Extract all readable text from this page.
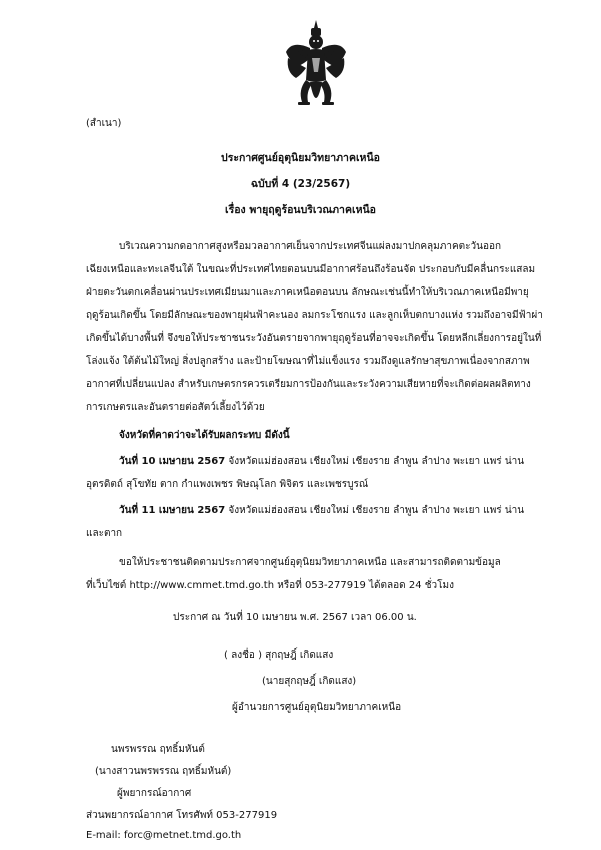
(สำเนา)
ประกาศศูนย์อุตุนิยมวิทยาภาคเหนือ
ฉบับที่ 4 (23/2567)
เรื่อง พายุฤดูร้อนบริเวณภาคเหนือ
บริเวณความกดอากาศสูงหรือมวลอากาศเย็นจากประเทศจีนแผ่ลงมาปกคลุมภาคตะวันออก
เฉียงเหนือและทะเลจีนใต้ ในขณะที่ประเทศไทยตอนบนมีอากาศร้อนถึงร้อนจัด ประกอบกับมีคลื่นกระแสลม
ฝ่ายตะวันตกเคลื่อนผ่านประเทศเมียนมาและภาคเหนือตอนบน ลักษณะเช่นนี้ทำให้บริเวณภาคเหนือมีพายุ
ฤดูร้อนเกิดขึ้น โดยมีลักษณะของพายุฝนฟ้าคะนอง ลมกระโชกแรง และลูกเห็บตกบางแห่ง รวมถึงอาจมีฟ้าผ่า
เกิดขึ้นได้บางพื้นที่ จึงขอให้ประชาชนระวังอันตรายจากพายุฤดูร้อนที่อาจจะเกิดขึ้น โดยหลีกเลี่ยงการอยู่ในที่
โล่งแจ้ง ใต้ต้นไม้ใหญ่ สิ่งปลูกสร้าง และป้ายโฆษณาที่ไม่แข็งแรง รวมถึงดูแลรักษาสุขภาพเนื่องจากสภาพ
อากาศที่เปลี่ยนแปลง สำหรับเกษตรกรควรเตรียมการป้องกันและระวังความเสียหายที่จะเกิดต่อผลผลิตทาง
การเกษตรและอันตรายต่อสัตว์เลี้ยงไว้ด้วย
จังหวัดที่คาดว่าจะได้รับผลกระทบ มีดังนี้
วันที่ 10 เมษายน 2567 จังหวัดแม่ฮ่องสอน เชียงใหม่ เชียงราย ลำพูน ลำปาง พะเยา แพร่ น่าน
อุตรดิตถ์ สุโขทัย ตาก กำแพงเพชร พิษณุโลก พิจิตร และเพชรบูรณ์
วันที่ 11 เมษายน 2567 จังหวัดแม่ฮ่องสอน เชียงใหม่ เชียงราย ลำพูน ลำปาง พะเยา แพร่ น่าน
และตาก
ขอให้ประชาชนติดตามประกาศจากศูนย์อุตุนิยมวิทยาภาคเหนือ และสามารถติดตามข้อมูล
ที่เว็บไซต์ http://www.cmmet.tmd.go.th หรือที่ 053-277919 ได้ตลอด 24 ชั่วโมง
ประกาศ ณ วันที่ 10 เมษายน พ.ศ. 2567 เวลา 06.00 น.
( ลงชื่อ ) สุกฤษฎิ์ เกิดแสง
(นายสุกฤษฎิ์ เกิดแสง)
ผู้อำนวยการศูนย์อุตุนิยมวิทยาภาคเหนือ
นพรพรรณ ฤทธิ์มหันต์
(นางสาวนพรพรรณ ฤทธิ์มหันต์)
ผู้พยากรณ์อากาศ
ส่วนพยากรณ์อากาศ โทรศัพท์ 053-277919
E-mail: forc@metnet.tmd.go.th
